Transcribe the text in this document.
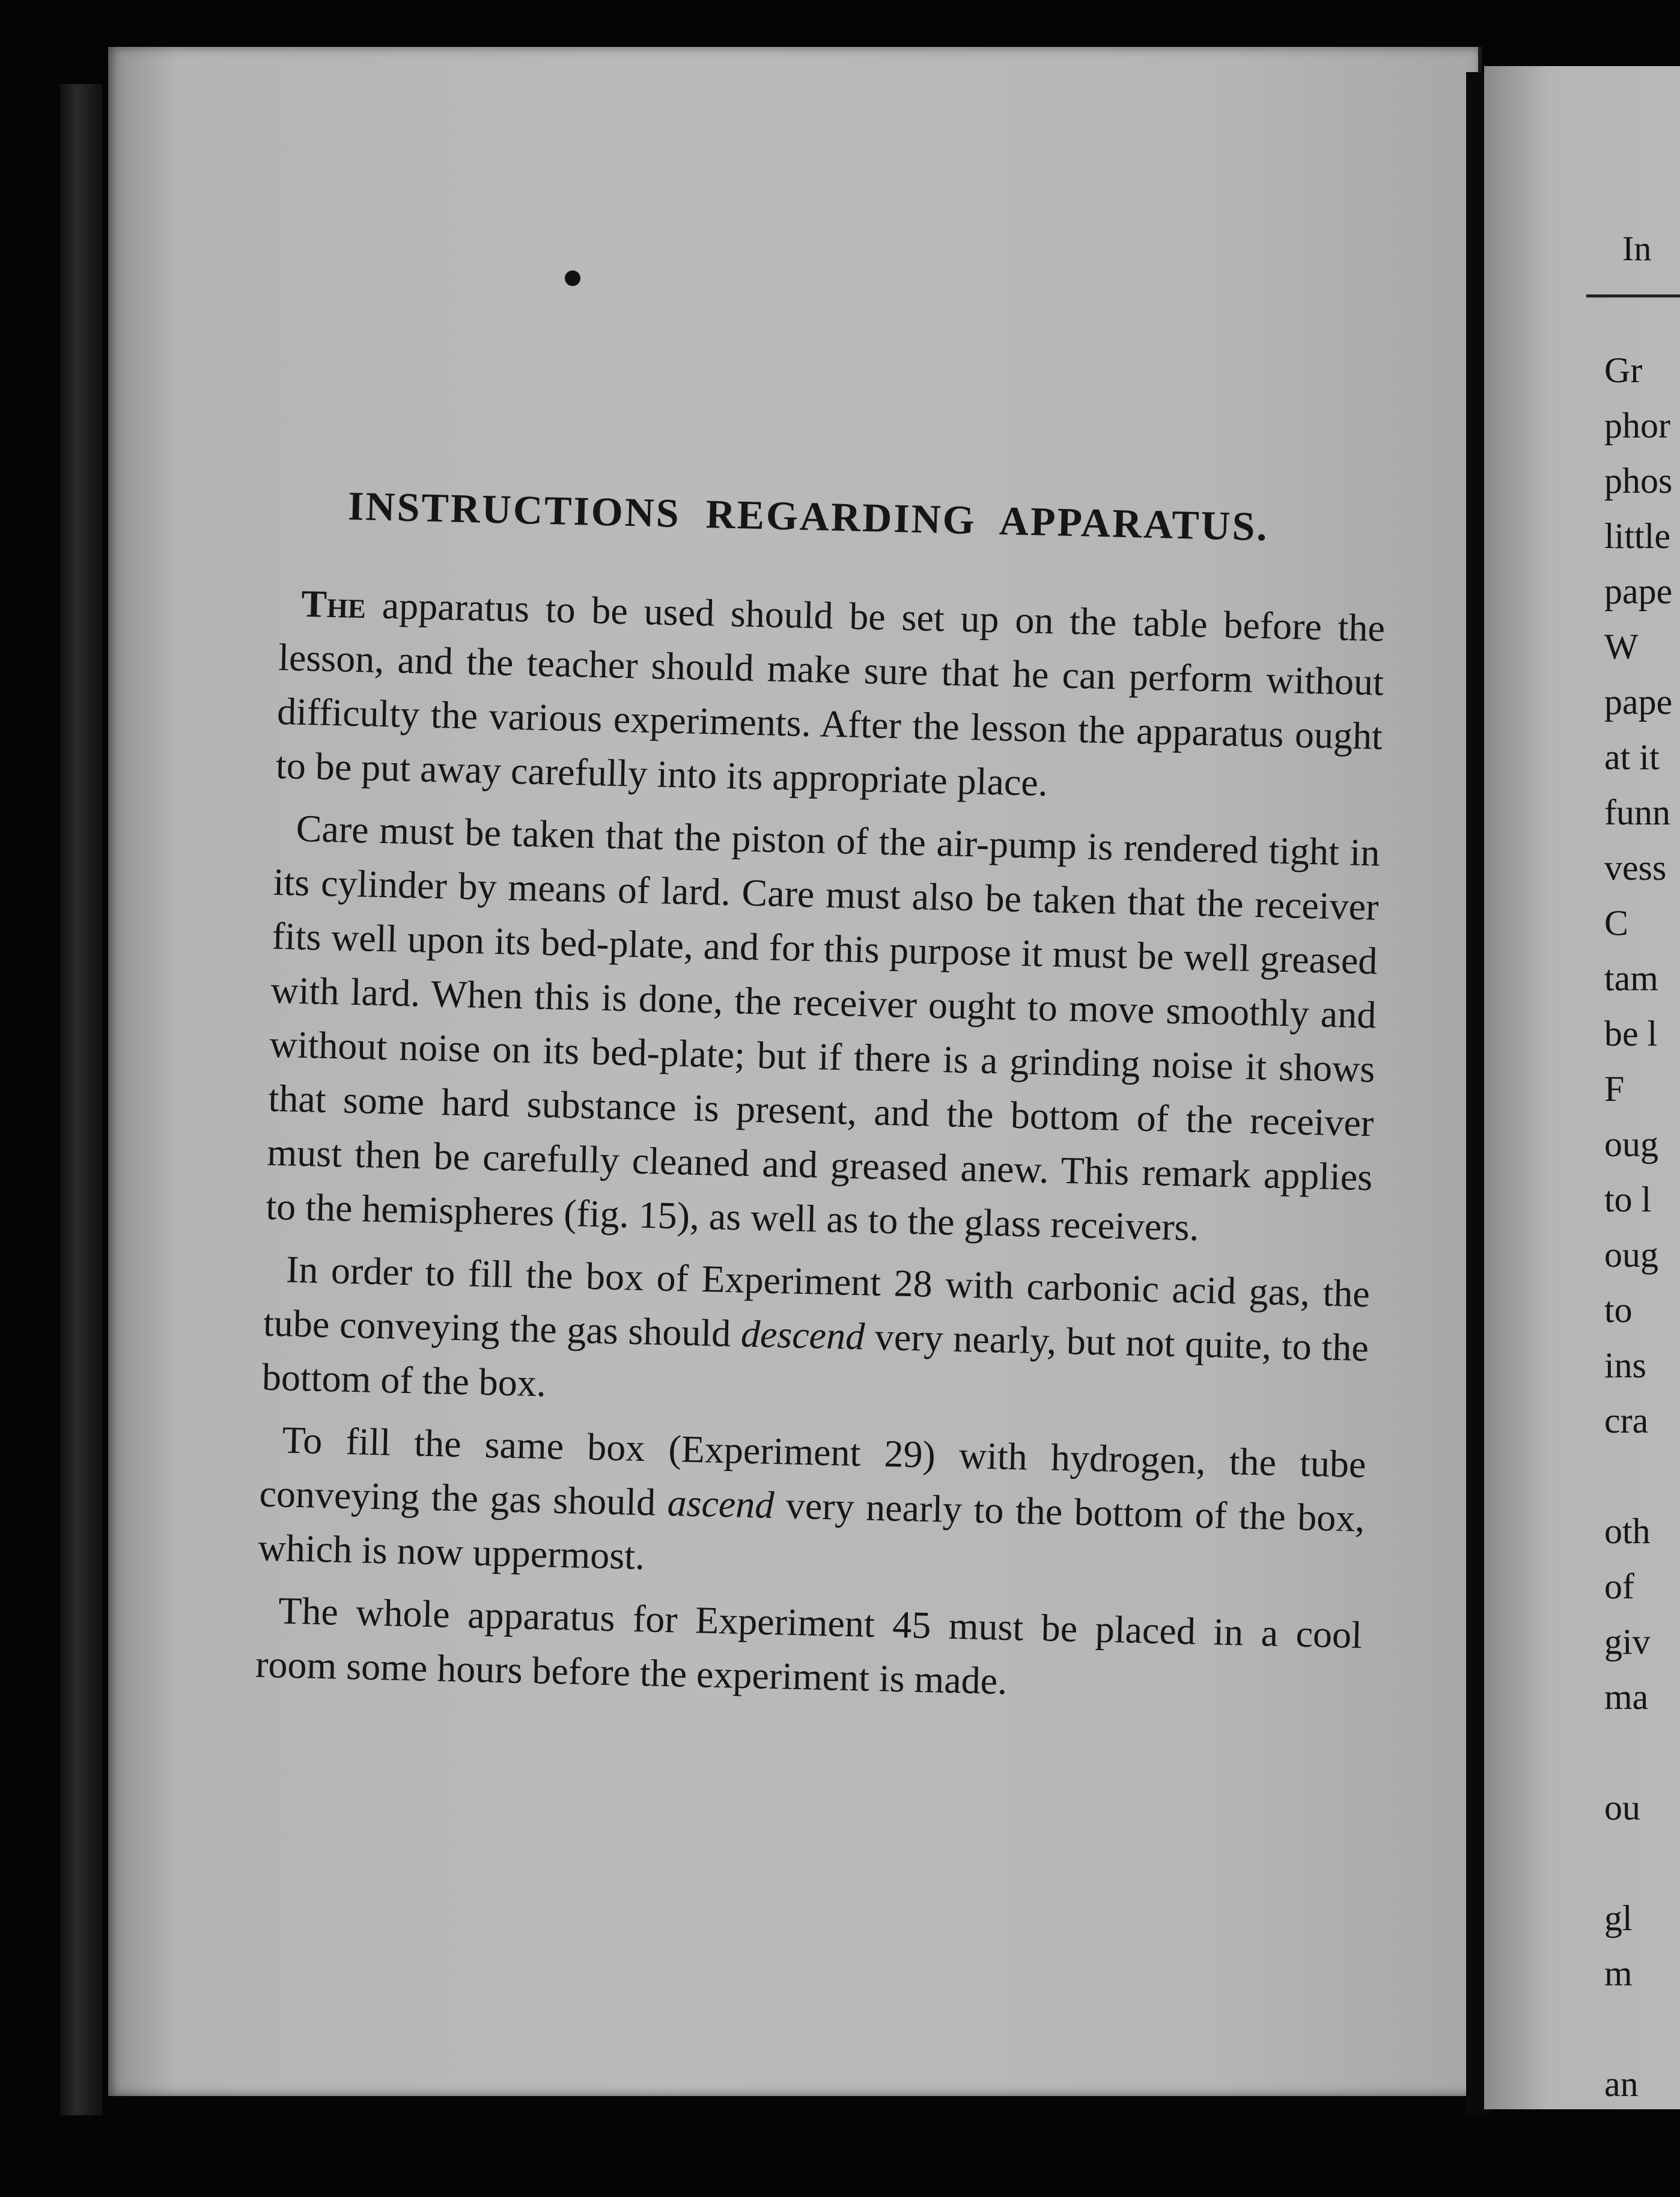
INSTRUCTIONS REGARDING APPARATUS.

The apparatus to be used should be set up on the table before the lesson, and the teacher should make sure that he can perform without difficulty the various experiments. After the lesson the apparatus ought to be put away carefully into its appropriate place.

Care must be taken that the piston of the air-pump is rendered tight in its cylinder by means of lard. Care must also be taken that the receiver fits well upon its bed-plate, and for this purpose it must be well greased with lard. When this is done, the receiver ought to move smoothly and without noise on its bed-plate; but if there is a grinding noise it shows that some hard substance is present, and the bottom of the receiver must then be carefully cleaned and greased anew. This remark applies to the hemispheres (fig. 15), as well as to the glass receivers.

In order to fill the box of Experiment 28 with carbonic acid gas, the tube conveying the gas should descend very nearly, but not quite, to the bottom of the box.

To fill the same box (Experiment 29) with hydrogen, the tube conveying the gas should ascend very nearly to the bottom of the box, which is now uppermost.

The whole apparatus for Experiment 45 must be placed in a cool room some hours before the experiment is made.

In
Gr
phor
phos
little
pape
W
pape
at it
funn
vess
C
tam
be l
F
oug
to l
oug
to
ins
cra

oth
of
giv
ma

ou

gl
m

an
